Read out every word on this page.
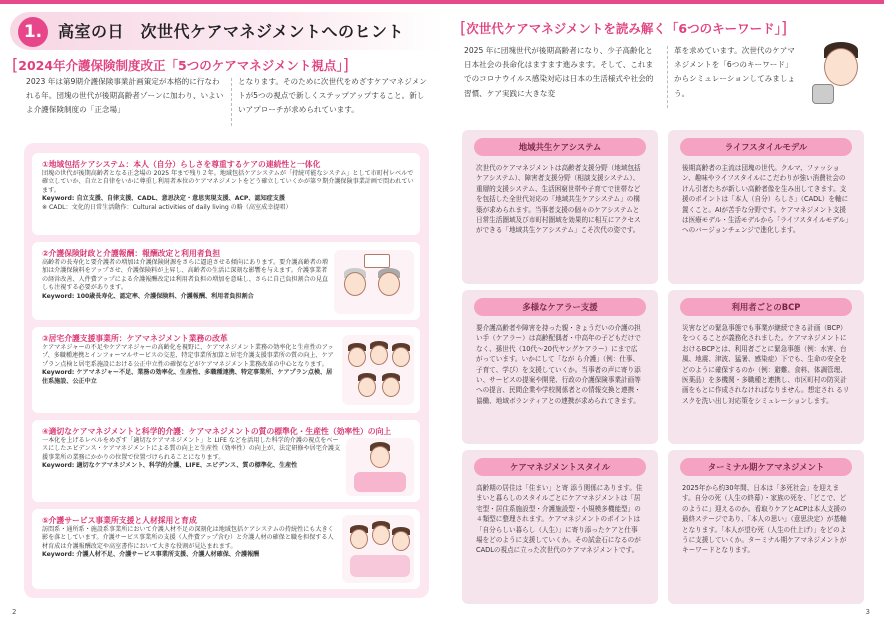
1. 高室の日　次世代ケアマネジメントへのヒント
[2024年介護保険制度改正「5つのケアマネジメント視点」]
2023 年は第9期介護保険事業計画策定が本格的に行なわれる年。団塊の世代が後期高齢者ゾーンに加わり、いよいよ介護保険制度の「正念場」
となります。そのために次世代をめざすケアマネジメントが5つの視点で新しくステップアップすること。新しいアプローチが求められています。
①地域包括ケアシステム：本人（自分）らしさを尊重するケアの連続性と一体化
団塊の世代が後期高齢者となる正念場の 2025 年まで残り２年。地域包括ケアシステムが「持続可能なシステム」として市町村レベルで確立していか、自立と自律をいかに尊重し利用者本位のケアマネジメントをどう確立していくかが第９期介護保険事業計画で問われています。
Keyword: 自立支援、自律支援、CADL、意思決定・意思実現支援、ACP、認知症支援
※ CADL：文化的日常生活動作：Cultural activities of daily living の略（高室成幸提唱）
②介護保険財政と介護報酬：報酬改定と利用者負担
高齢者の長寿化と要介護者の増加は介護保険財源をさらに逼迫させる傾向にあります。要介護高齢者の増加は介護保険料をアップさせ、介護保険料が上昇し、高齢者の生活に深刻な影響を与えます。介護事業者の経営改善、人件費アップによる介護報酬改定は利用者負担の増加を意味し、さらに自己負担割合の見直しも注視する必要があります。
Keyword: 100歳長寿化、認定率、介護保険料、介護報酬、利用者負担割合
③居宅介護支援事業所：ケアマネジメント業務の改革
ケアマネジャーの不足やケアマネジャーの高齢化を視野に、ケアマネジメント業務の効率化と生産性のアップ、多職種連携とインフォーマルサービスの交差、特定事業所加算と居宅介護支援事業所の質の向上、ケアプラン点検と居宅系施設における公正中立性の確保などがケアマネジメント業務改革の中心となります。
Keyword: ケアマネジャー不足、業務の効率化、生産性、多職種連携、特定事業所、ケアプラン点検、居住系施設、公正中立
④適切なケアマネジメントと科学的介護：ケアマネジメントの質の標準化・生産性（効率性）の向上
一本化を上げるレベルをめざす「適切なケアマネジメント」と LIFE などを活用した科学的介護の視点をベースにしたエビデンス・ケアマネジメントによる質の向上と生産性（効率性）の向上が、法定研修や居宅介護支援事業所の業務にかかりの位置で位置づけられることになります。
Keyword: 適切なケアマネジメント、科学的介護、LIFE、エビデンス、質の標準化、生産性
⑤介護サービス事業所支援と人材採用と育成
訪問系・通所系・施設系事業所において介護人材不足の深刻化は地域包括ケアシステムの持続性にも大きく影を落としています。介護サービス事業所の支援（人件費アップ含む）と介護人材の確保と職を担保する人材育成は介護報酬改定や高室書作において大きな役割が見込まれます。
Keyword: 介護人材不足、介護サービス事業所支援、介護人材確保、介護報酬
2
[次世代ケアマネジメントを読み解く「6つのキーワード」]
2025 年に団塊世代が後期高齢者になり、少子高齢化と日本社会の長命化はますます進みます。そして、これまでのコロナウイルス感染対応は日本の生活様式や社会的習慣、ケア実践に大きな変
革を求めています。次世代のケアマネジメントを「6つのキーワード」からシミュレーションしてみましょう。
地域共生ケアシステム
次世代のケアマネジメントは高齢者支援分野（地域包括ケアシステム）、障害者支援分野（相談支援システム）、重層的支援システム、生活困窮世帯や子育てで世帯などを包括した全世代対応の「地域共生ケアシステム」の構築が求められます。当事者支援の個々のケアシステムと日常生活圏域及び市町村圏域を効果的に相互にアクセスができる「地域共生ケアシステム」こそ次代の姿です。
ライフスタイルモデル
後期高齢者の主流は団塊の世代。クルマ、ファッション、趣味やライフスタイルにこだわりが強い消費社会のけん引者たちが新しい高齢者像を生み出してきます。支援のポイントは「本人（自分）らしさ」（CADL）を軸に置くこと。AIが苦手な分野です。ケアマネジメント支援は医療モデル・生活モデルから「ライフスタイルモデル」へのバージョンチェンジで進化します。
多様なケアラー支援
要介護高齢者や障害を持った親・きょうだいの介護の担い手（ケアラー）は高齢配偶者・中高年の子どもだけでなく、孫世代（10代〜20代ヤングケアラー）にまで広がっています。いかにして「なが ら介護」（例：仕事、子育て、学び）を支援していくか。当事者の声に寄り添い、サービスの提案や開発、行政の介護保険事業計画等への提言、民間企業や学校関係者との情報交換と連携・協働、地域ボランティアとの連携が求められてきます。
利用者ごとのBCP
災害などの緊急事態でも事業が継続できる計画（BCP）をつくることが義務化されました。ケアマネジメントにおけるBCPとは、利用者ごとに緊急事態（例：水害、台風、地震、津波、猛暑、感染症）下でも、生命の安全をどのように確保するのか（例：避難、食料、体調管理、医薬品）を多機関・多職種と連携し、市区町村の防災計画をもとに作成されなければなりません。想定され るリスクを洗い出し対応策をシミュレーションします。
ケアマネジメントスタイル
高齢期の居住は「住まい」と寄 添う関係にあります。住まいと暮らしのスタイルごとにケアマネジメントは「居宅型・居住系施設型・介護施設型・小規模多機能型」の４類型に整理されます。ケアマネジメントのポイントは「自分らしい暮らし（人生）」に寄り添ったケアと仕事場をどのように支援していくか。その試金石になるのがCADLの視点に立った次世代のケアマネジメントです。
ターミナル期ケアマネジメント
2025年から約30年間、日本は「多死社会」を迎えます。自分の死（人生の終幕）・家族の死を、「どこで、どのように」迎えるのか。看取りケアとACPは本人支援の最終ステージであり、「本人の思い」（意思決定）が基軸となります。「本人が望む死（人生の仕上げ）」をどのように支援していくか。ターミナル期ケアマネジメントがキーワードとなります。
3
